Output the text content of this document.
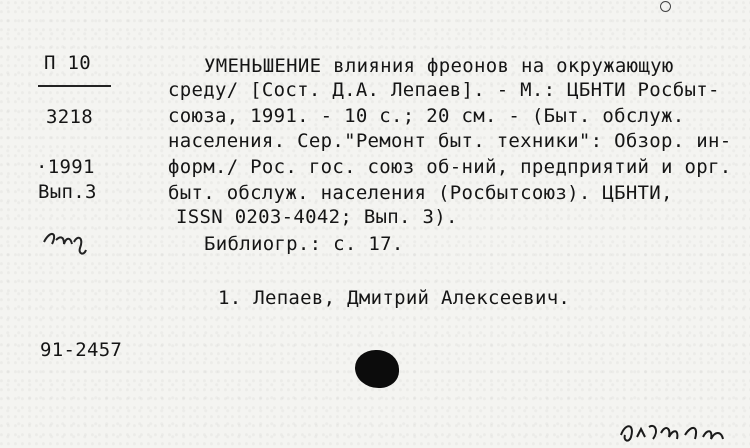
П 10
3218
·1991
Вып.3
УМЕНЬШЕНИЕ влияния фреонов на окружающую
среду/ [Сост. Д.А. Лепаев]. - М.: ЦБНТИ Росбыт-
союза, 1991. - 10 с.; 20 см. - (Быт. обслуж.
населения. Сер."Ремонт быт. техники": Обзор. ин-
форм./ Рос. гос. союз об-ний, предприятий и орг.
быт. обслуж. населения (Росбытсоюз). ЦБНТИ,
ISSN 0203-4042; Вып. 3).
Библиогр.: с. 17.
1. Лепаев, Дмитрий Алексеевич.
91-2457
